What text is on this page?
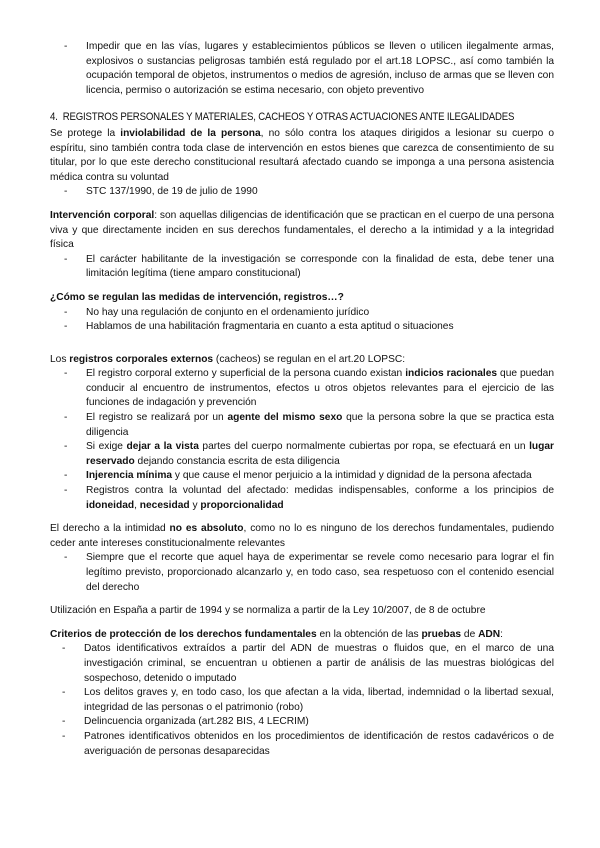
- Impedir que en las vías, lugares y establecimientos públicos se lleven o utilicen ilegalmente armas, explosivos o sustancias peligrosas también está regulado por el art.18 LOPSC., así como también la ocupación temporal de objetos, instrumentos o medios de agresión, incluso de armas que se lleven con licencia, permiso o autorización se estima necesario, con objeto preventivo
4. REGISTROS PERSONALES Y MATERIALES, CACHEOS Y OTRAS ACTUACIONES ANTE ILEGALIDADES

Se protege la inviolabilidad de la persona, no sólo contra los ataques dirigidos a lesionar su cuerpo o espíritu, sino también contra toda clase de intervención en estos bienes que carezca de consentimiento de su titular, por lo que este derecho constitucional resultará afectado cuando se imponga a una persona asistencia médica contra su voluntad

- STC 137/1990, de 19 de julio de 1990

Intervención corporal: son aquellas diligencias de identificación que se practican en el cuerpo de una persona viva y que directamente inciden en sus derechos fundamentales, el derecho a la intimidad y a la integridad física

- El carácter habilitante de la investigación se corresponde con la finalidad de esta, debe tener una limitación legítima (tiene amparo constitucional)

¿Cómo se regulan las medidas de intervención, registros…?

- No hay una regulación de conjunto en el ordenamiento jurídico
- Hablamos de una habilitación fragmentaria en cuanto a esta aptitud o situaciones

Los registros corporales externos (cacheos) se regulan en el art.20 LOPSC:

- El registro corporal externo y superficial de la persona cuando existan indicios racionales que puedan conducir al encuentro de instrumentos, efectos u otros objetos relevantes para el ejercicio de las funciones de indagación y prevención
- El registro se realizará por un agente del mismo sexo que la persona sobre la que se practica esta diligencia
- Si exige dejar a la vista partes del cuerpo normalmente cubiertas por ropa, se efectuará en un lugar reservado dejando constancia escrita de esta diligencia
- Injerencia mínima y que cause el menor perjuicio a la intimidad y dignidad de la persona afectada
- Registros contra la voluntad del afectado: medidas indispensables, conforme a los principios de idoneidad, necesidad y proporcionalidad

El derecho a la intimidad no es absoluto, como no lo es ninguno de los derechos fundamentales, pudiendo ceder ante intereses constitucionalmente relevantes

- Siempre que el recorte que aquel haya de experimentar se revele como necesario para lograr el fin legítimo previsto, proporcionado alcanzarlo y, en todo caso, sea respetuoso con el contenido esencial del derecho

Utilización en España a partir de 1994 y se normaliza a partir de la Ley 10/2007, de 8 de octubre

Criterios de protección de los derechos fundamentales en la obtención de las pruebas de ADN:

- Datos identificativos extraídos a partir del ADN de muestras o fluidos que, en el marco de una investigación criminal, se encuentran u obtienen a partir de análisis de las muestras biológicas del sospechoso, detenido o imputado
- Los delitos graves y, en todo caso, los que afectan a la vida, libertad, indemnidad o la libertad sexual, integridad de las personas o el patrimonio (robo)
- Delincuencia organizada (art.282 BIS, 4 LECRIM)
- Patrones identificativos obtenidos en los procedimientos de identificación de restos cadavéricos o de averiguación de personas desaparecidas
